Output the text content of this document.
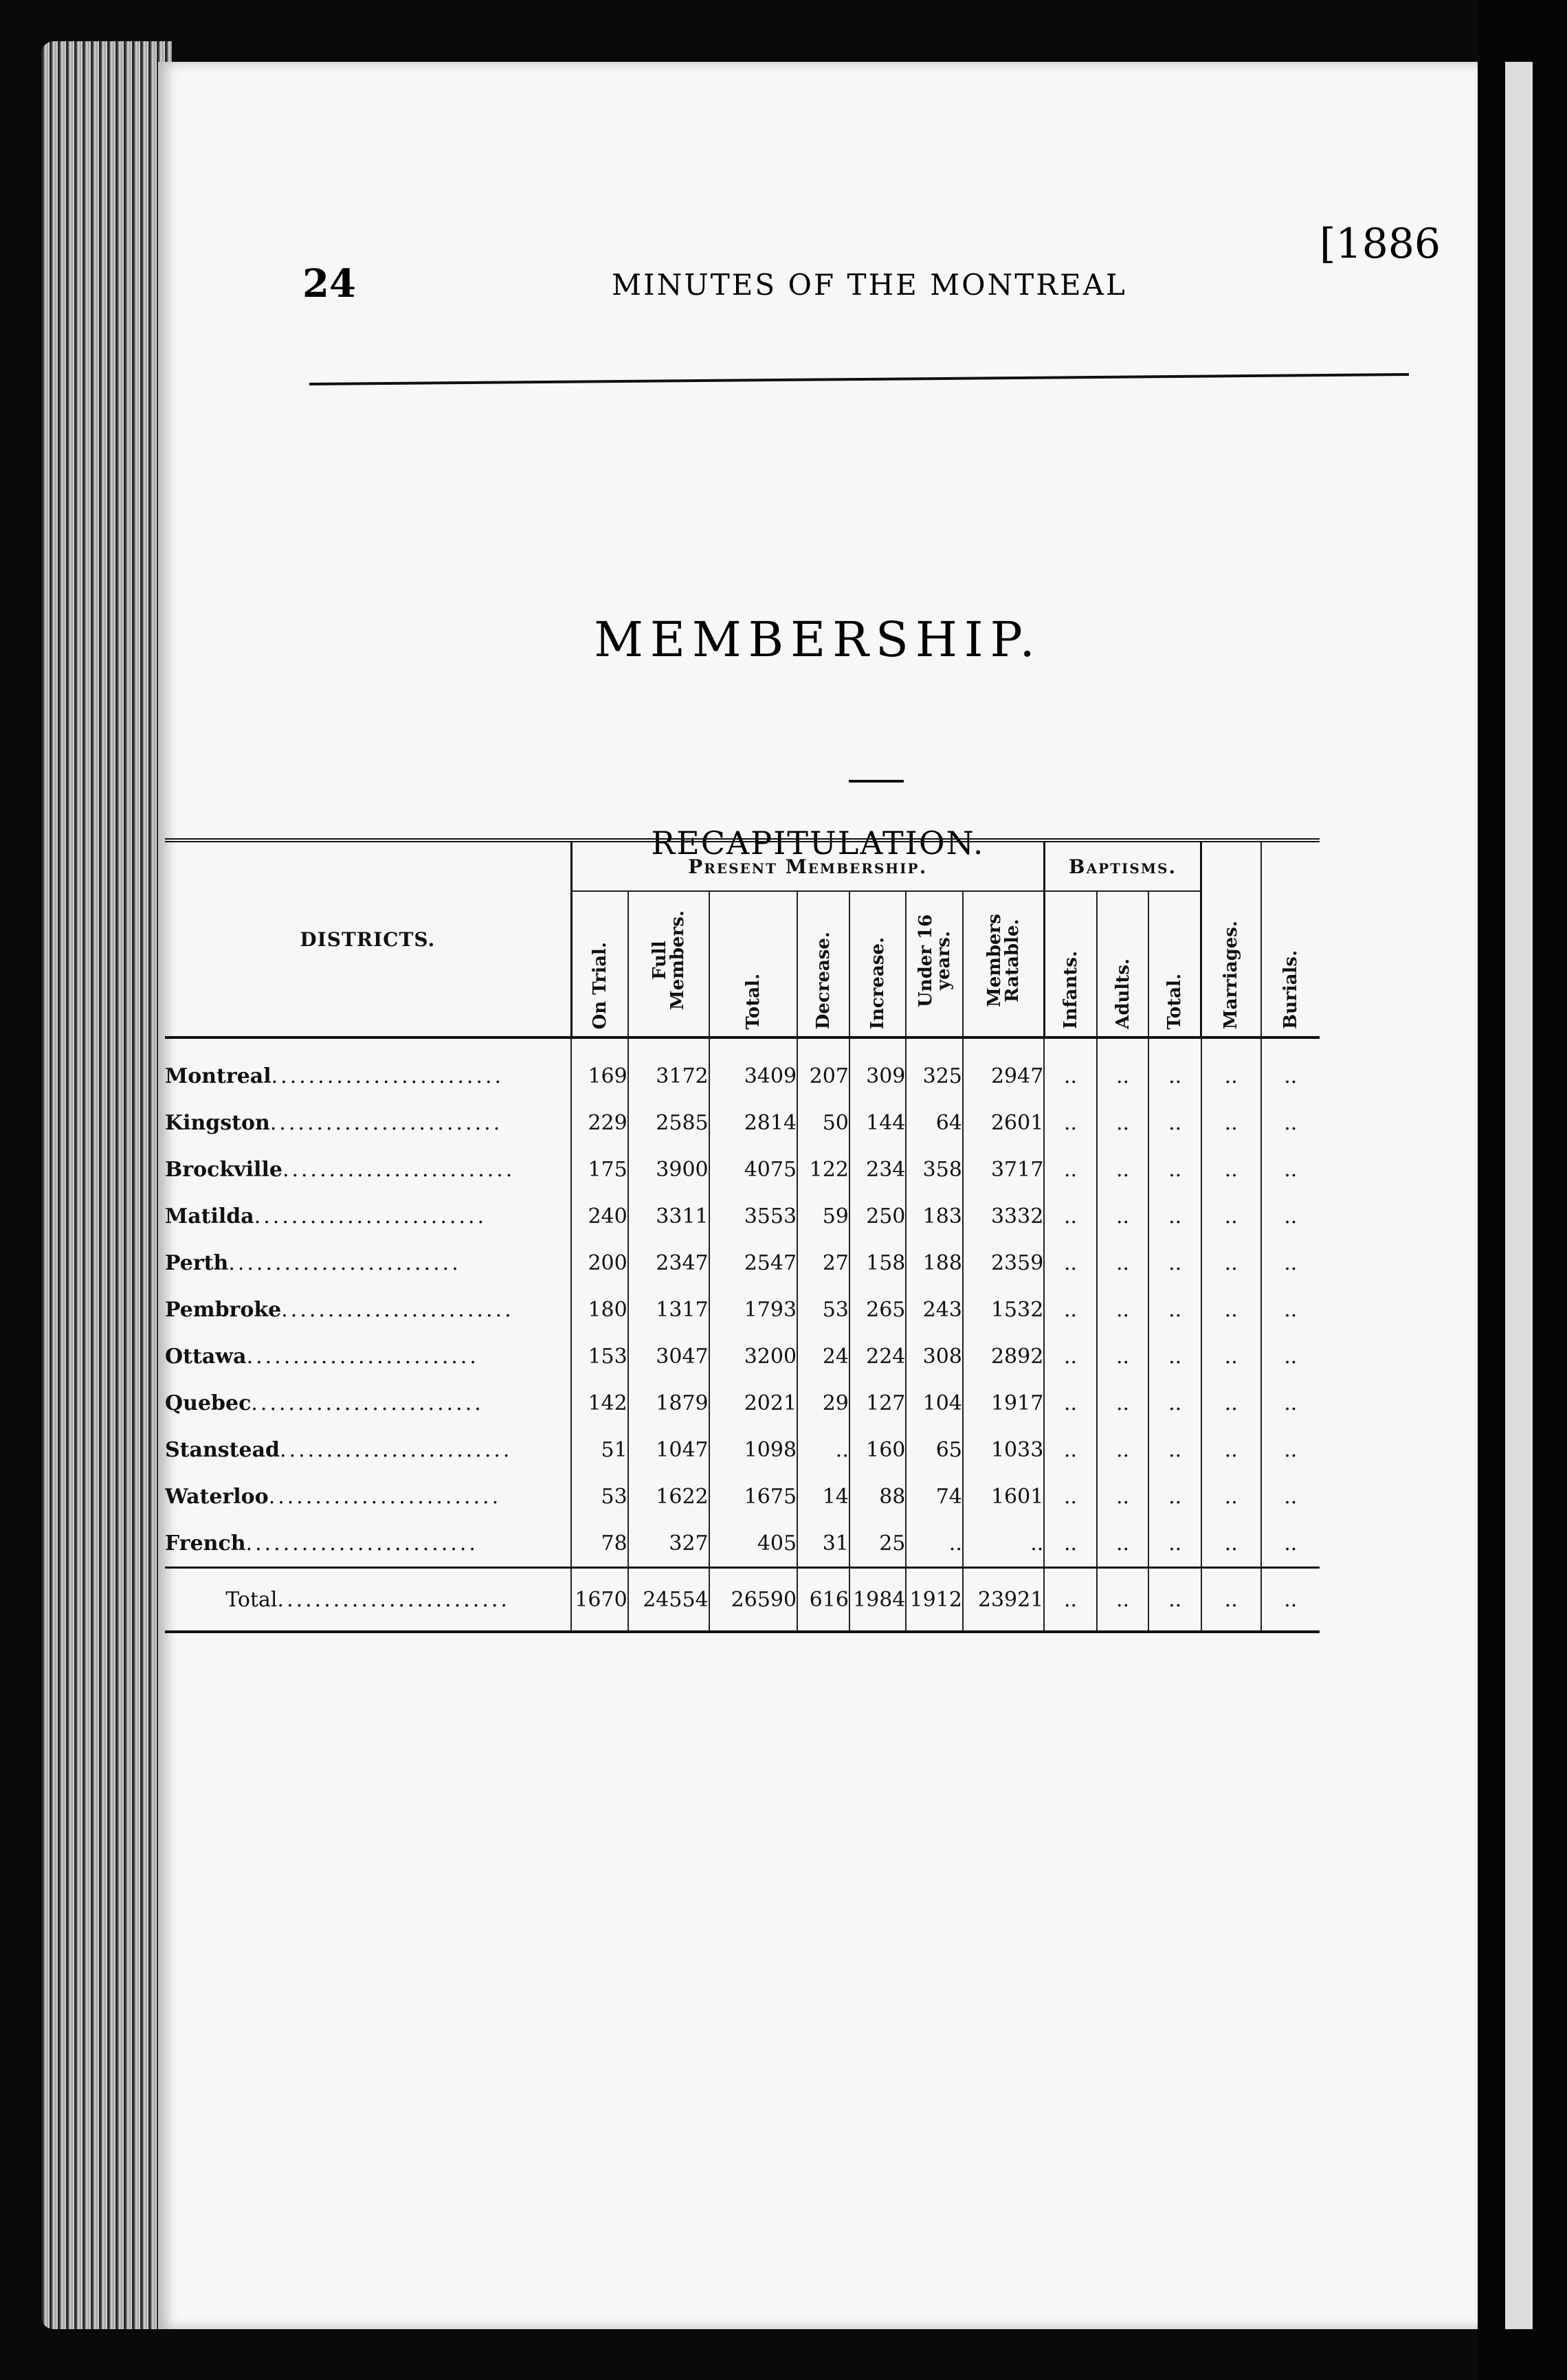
24	MINUTES OF THE MONTREAL
[1886
MEMBERSHIP.
RECAPITULATION.
DISTRICTS.	Present Membership.							Baptisms.			Marriages.	Burials.

	On Trial.	Full Members.	Total.	Decrease.	Increase.	Under 16 years.	Members Ratable.	Infants.	Adults.	Total.		

Montreal.........................	169	3172	3409	207	309	325	2947	..	..	..	..	..
Kingston.........................	229	2585	2814	50	144	64	2601	..	..	..	..	..
Brockville.........................	175	3900	4075	122	234	358	3717	..	..	..	..	..
Matilda.........................	240	3311	3553	59	250	183	3332	..	..	..	..	..
Perth.........................	200	2347	2547	27	158	188	2359	..	..	..	..	..
Pembroke.........................	180	1317	1793	53	265	243	1532	..	..	..	..	..
Ottawa.........................	153	3047	3200	24	224	308	2892	..	..	..	..	..
Quebec.........................	142	1879	2021	29	127	104	1917	..	..	..	..	..
Stanstead.........................	51	1047	1098	..	160	65	1033	..	..	..	..	..
Waterloo.........................	53	1622	1675	14	88	74	1601	..	..	..	..	..
French.........................	78	327	405	31	25	..	..	..	..	..	..	..
Total.........................	1670	24554	26590	616	1984	1912	23921	..	..	..	..	..
